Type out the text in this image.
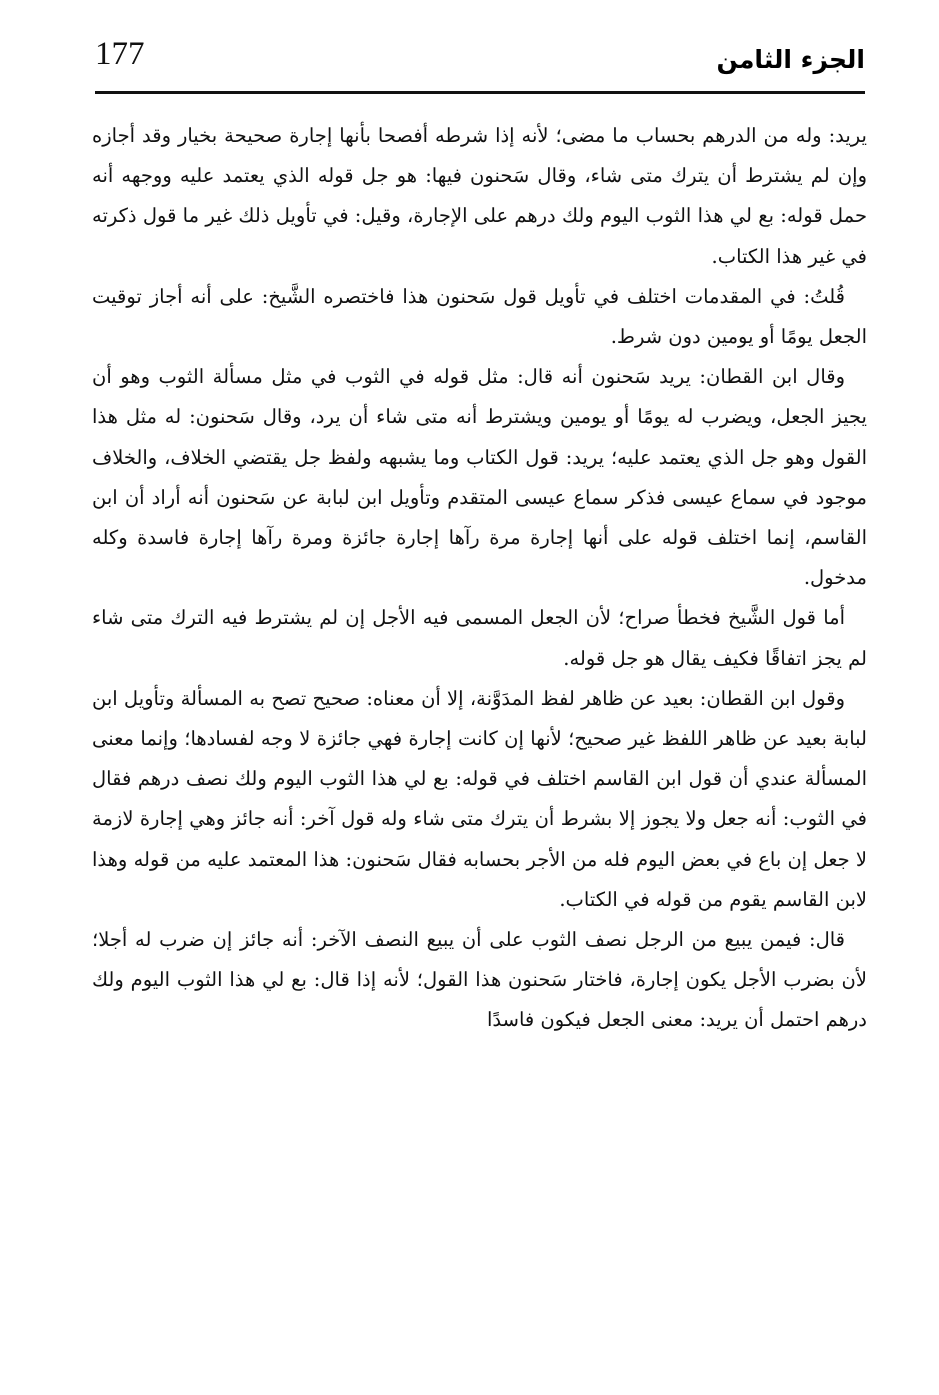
177	الجزء الثامن

يريد: وله من الدرهم بحساب ما مضى؛ لأنه إذا شرطه أفصحا بأنها إجارة صحيحة بخيار وقد أجازه وإن لم يشترط أن يترك متى شاء، وقال سَحنون فيها: هو جل قوله الذي يعتمد عليه ووجهه أنه حمل قوله: بع لي هذا الثوب اليوم ولك درهم على الإجارة، وقيل: في تأويل ذلك غير ما قول ذكرته في غير هذا الكتاب.

قُلتُ: في المقدمات اختلف في تأويل قول سَحنون هذا فاختصره الشَّيخ: على أنه أجاز توقيت الجعل يومًا أو يومين دون شرط.

وقال ابن القطان: يريد سَحنون أنه قال: مثل قوله في الثوب في مثل مسألة الثوب وهو أن يجيز الجعل، ويضرب له يومًا أو يومين ويشترط أنه متى شاء أن يرد، وقال سَحنون: له مثل هذا القول وهو جل الذي يعتمد عليه؛ يريد: قول الكتاب وما يشبهه ولفظ جل يقتضي الخلاف، والخلاف موجود في سماع عيسى فذكر سماع عيسى المتقدم وتأويل ابن لبابة عن سَحنون أنه أراد أن ابن القاسم، إنما اختلف قوله على أنها إجارة مرة رآها إجارة جائزة ومرة رآها إجارة فاسدة وكله مدخول.

أما قول الشَّيخ فخطأ صراح؛ لأن الجعل المسمى فيه الأجل إن لم يشترط فيه الترك متى شاء لم يجز اتفاقًا فكيف يقال هو جل قوله.

وقول ابن القطان: بعيد عن ظاهر لفظ المدَوَّنة، إلا أن معناه: صحيح تصح به المسألة وتأويل ابن لبابة بعيد عن ظاهر اللفظ غير صحيح؛ لأنها إن كانت إجارة فهي جائزة لا وجه لفسادها؛ وإنما معنى المسألة عندي أن قول ابن القاسم اختلف في قوله: بع لي هذا الثوب اليوم ولك نصف درهم فقال في الثوب: أنه جعل ولا يجوز إلا بشرط أن يترك متى شاء وله قول آخر: أنه جائز وهي إجارة لازمة لا جعل إن باع في بعض اليوم فله من الأجر بحسابه فقال سَحنون: هذا المعتمد عليه من قوله وهذا لابن القاسم يقوم من قوله في الكتاب.

قال: فيمن يبيع من الرجل نصف الثوب على أن يبيع النصف الآخر: أنه جائز إن ضرب له أجلا؛ لأن بضرب الأجل يكون إجارة، فاختار سَحنون هذا القول؛ لأنه إذا قال: بع لي هذا الثوب اليوم ولك درهم احتمل أن يريد: معنى الجعل فيكون فاسدًا
